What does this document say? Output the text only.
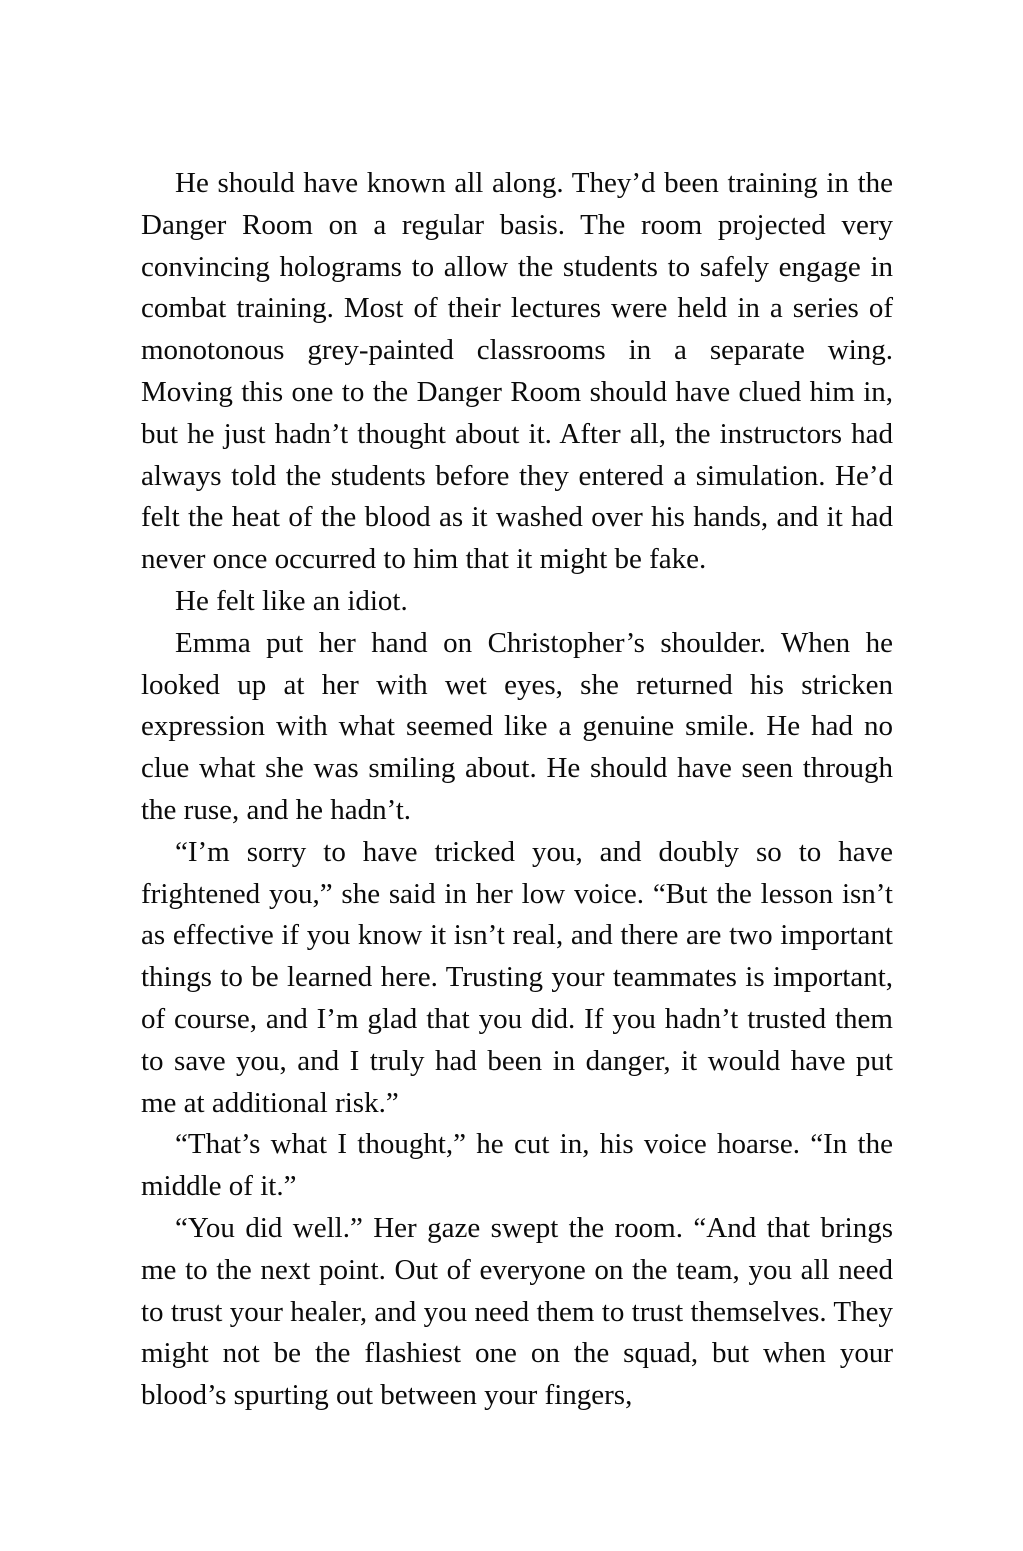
He should have known all along. They’d been training in the Danger Room on a regular basis. The room projected very convincing holograms to allow the students to safely engage in combat training. Most of their lectures were held in a series of monotonous grey-painted classrooms in a separate wing. Moving this one to the Danger Room should have clued him in, but he just hadn’t thought about it. After all, the instructors had always told the students before they entered a simulation. He’d felt the heat of the blood as it washed over his hands, and it had never once occurred to him that it might be fake.

He felt like an idiot.

Emma put her hand on Christopher’s shoulder. When he looked up at her with wet eyes, she returned his stricken expression with what seemed like a genuine smile. He had no clue what she was smiling about. He should have seen through the ruse, and he hadn’t.

“I’m sorry to have tricked you, and doubly so to have frightened you,” she said in her low voice. “But the lesson isn’t as effective if you know it isn’t real, and there are two important things to be learned here. Trusting your teammates is important, of course, and I’m glad that you did. If you hadn’t trusted them to save you, and I truly had been in danger, it would have put me at additional risk.”

“That’s what I thought,” he cut in, his voice hoarse. “In the middle of it.”

“You did well.” Her gaze swept the room. “And that brings me to the next point. Out of everyone on the team, you all need to trust your healer, and you need them to trust themselves. They might not be the flashiest one on the squad, but when your blood’s spurting out between your fingers,
